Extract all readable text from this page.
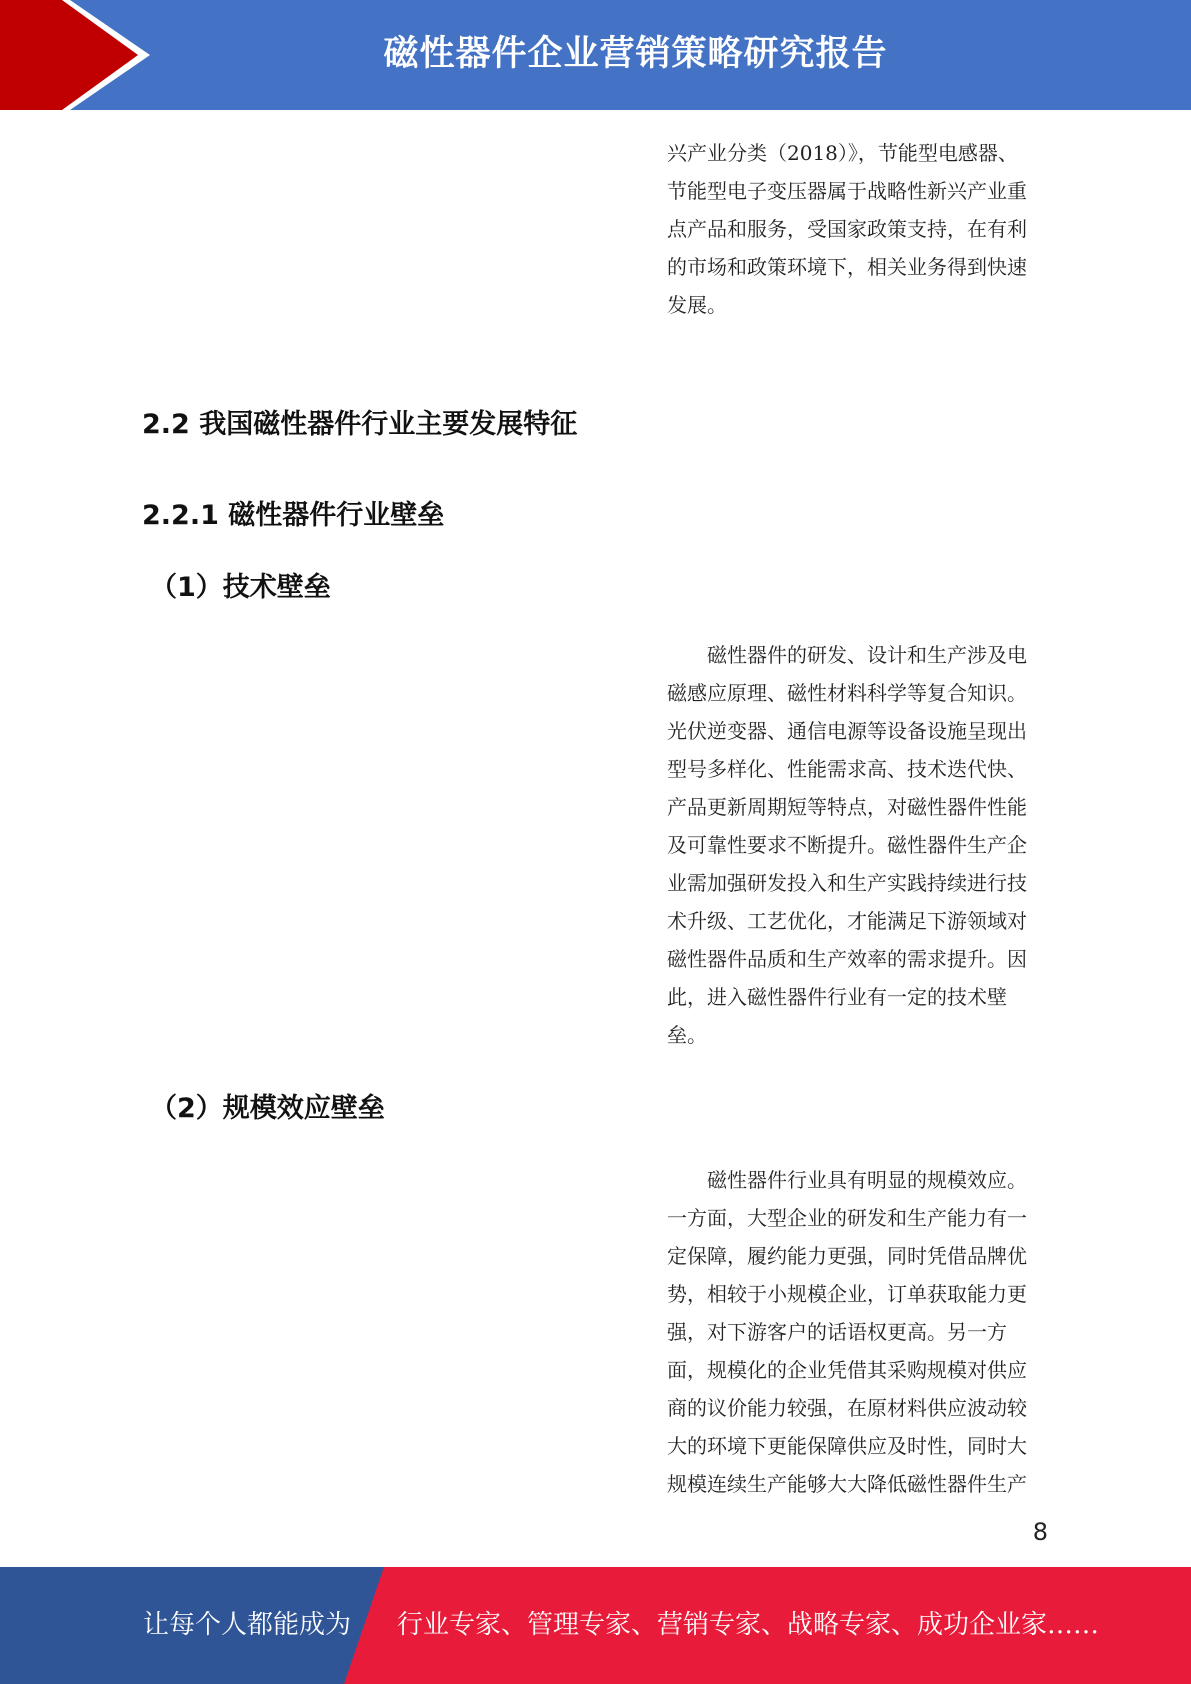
磁性器件企业营销策略研究报告
兴产业分类（2018）》，节能型电感器、
节能型电子变压器属于战略性新兴产业重
点产品和服务，受国家政策支持，在有利
的市场和政策环境下，相关业务得到快速
发展。
2.2 我国磁性器件行业主要发展特征
2.2.1 磁性器件行业壁垒
（1）技术壁垒
磁性器件的研发、设计和生产涉及电
磁感应原理、磁性材料科学等复合知识。
光伏逆变器、通信电源等设备设施呈现出
型号多样化、性能需求高、技术迭代快、
产品更新周期短等特点，对磁性器件性能
及可靠性要求不断提升。磁性器件生产企
业需加强研发投入和生产实践持续进行技
术升级、工艺优化，才能满足下游领域对
磁性器件品质和生产效率的需求提升。因
此，进入磁性器件行业有一定的技术壁
垒。
（2）规模效应壁垒
磁性器件行业具有明显的规模效应。
一方面，大型企业的研发和生产能力有一
定保障，履约能力更强，同时凭借品牌优
势，相较于小规模企业，订单获取能力更
强，对下游客户的话语权更高。另一方
面，规模化的企业凭借其采购规模对供应
商的议价能力较强，在原材料供应波动较
大的环境下更能保障供应及时性，同时大
规模连续生产能够大大降低磁性器件生产
8
让每个人都能成为 行业专家、管理专家、营销专家、战略专家、成功企业家……
